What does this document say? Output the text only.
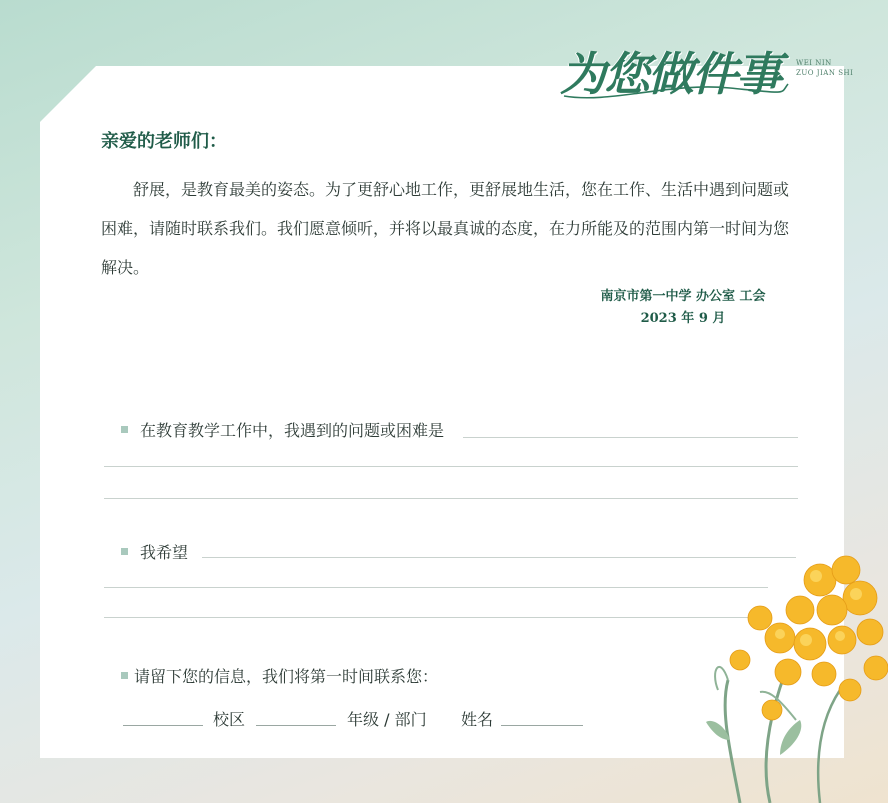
为您做件事 WEI NIN
ZUO JIAN SHI
亲爱的老师们：

舒展，是教育最美的姿态。为了更舒心地工作，更舒展地生活，您在工作、生活中遇到问题或困难，请随时联系我们。我们愿意倾听，并将以最真诚的态度，在力所能及的范围内第一时间为您解决。

南京市第一中学 办公室 工会
2023 年 9 月
在教育教学工作中，我遇到的问题或困难是
我希望
请留下您的信息，我们将第一时间联系您：
校区	年级 / 部门 姓名
